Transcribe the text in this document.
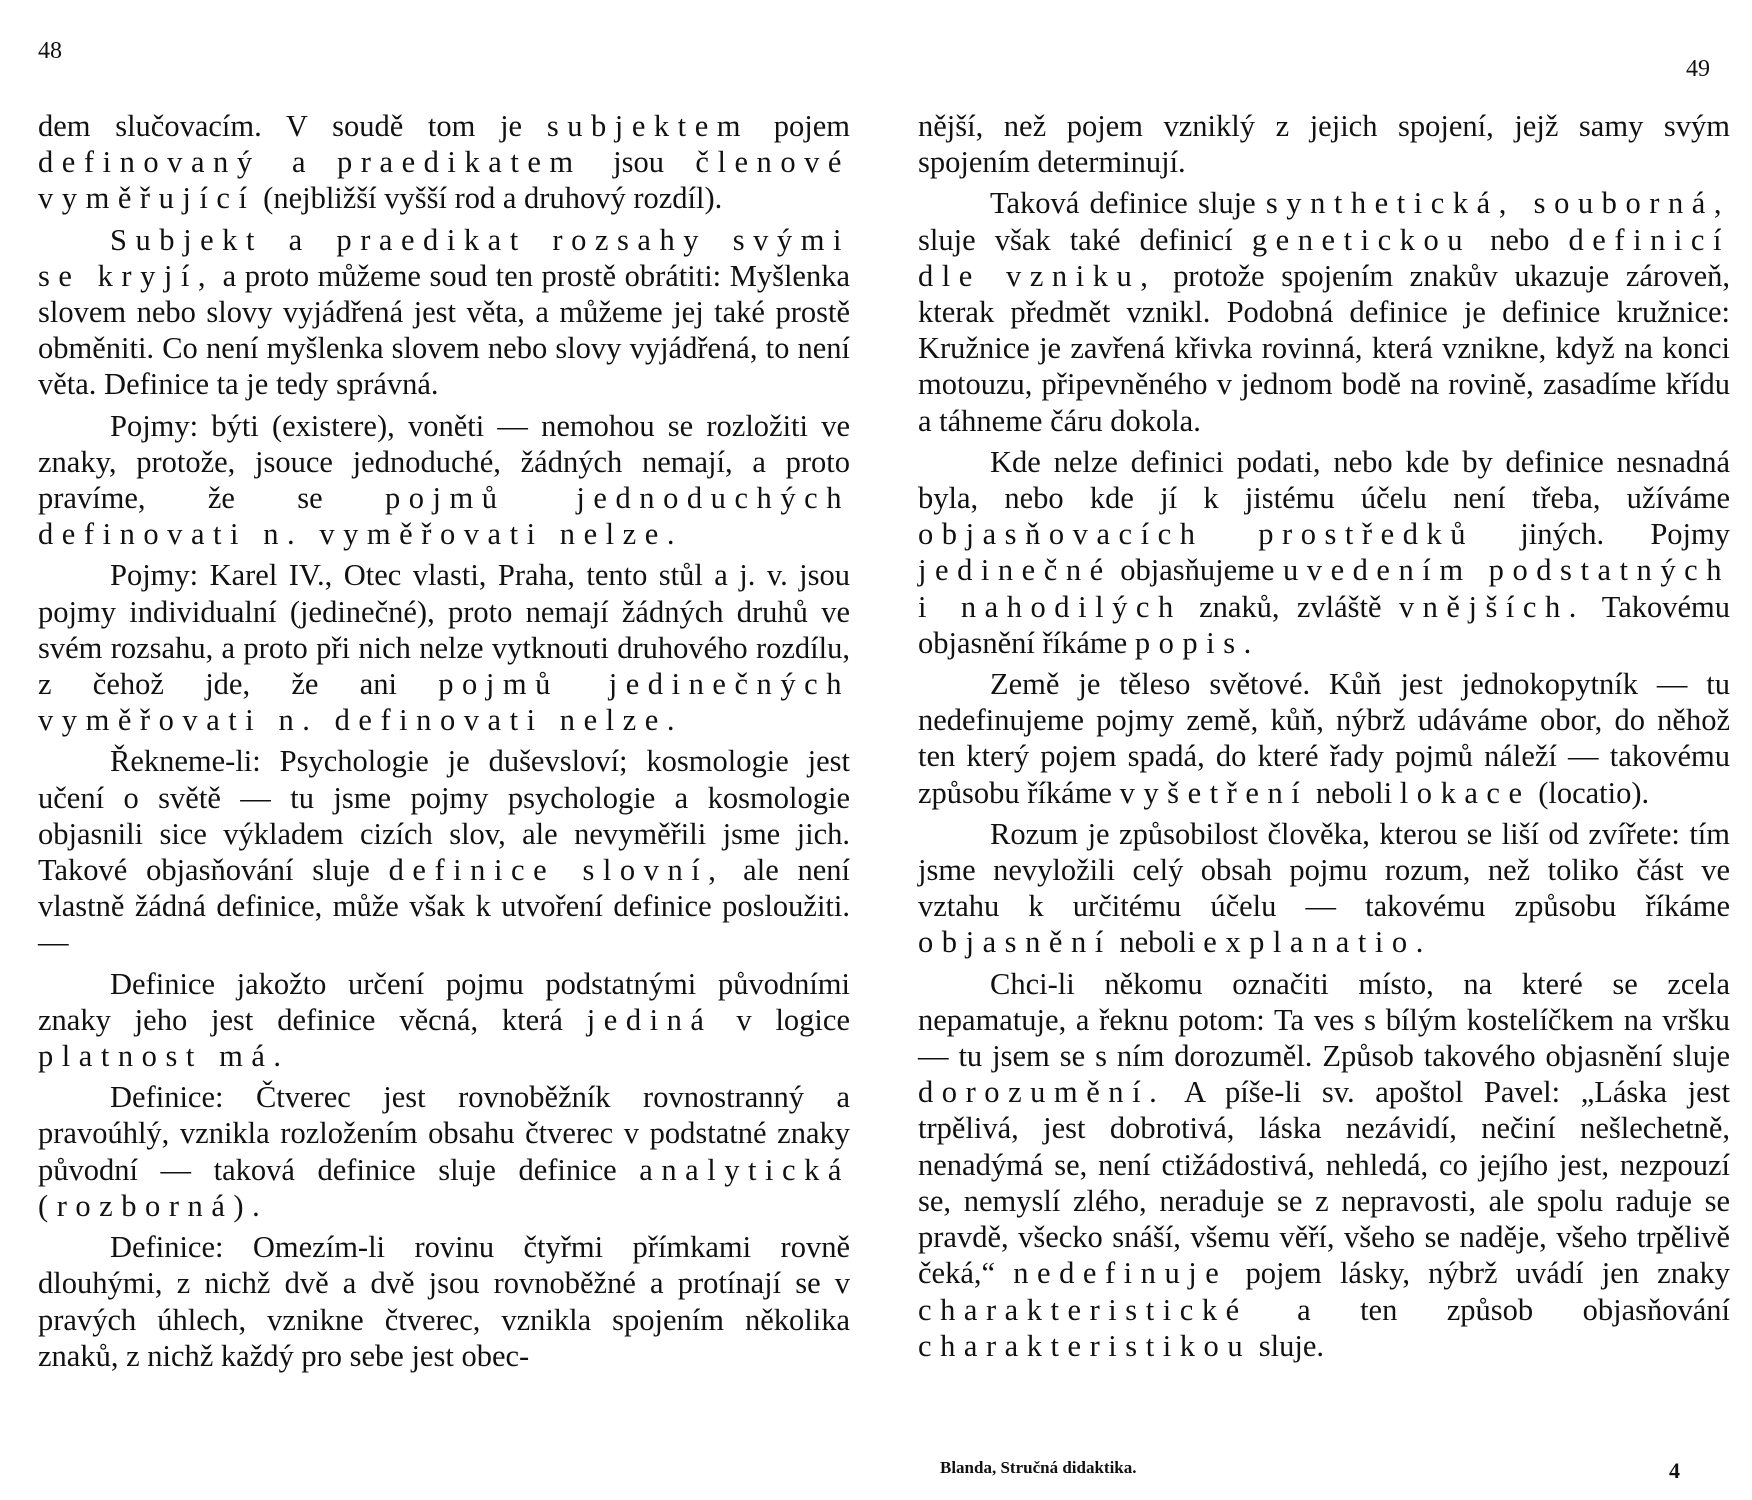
48
49

dem slučovacím. V soudě tom je subjektem pojem definovaný a praedikatem jsou členové vyměřující (nejbližší vyšší rod a druhový rozdíl).

Subjekt a praedikat rozsahy svými se kryjí, a proto můžeme soud ten prostě obrátiti: Myšlenka slovem nebo slovy vyjádřená jest věta, a můžeme jej také prostě obměniti. Co není myšlenka slovem nebo slovy vyjádřená, to není věta. Definice ta je tedy správná.

Pojmy: býti (existere), voněti — nemohou se rozložiti ve znaky, protože, jsouce jednoduché, žádných nemají, a proto pravíme, že se pojmů jednoduchých definovati n. vyměřovati nelze.

Pojmy: Karel IV., Otec vlasti, Praha, tento stůl a j. v. jsou pojmy individualní (jedinečné), proto nemají žádných druhů ve svém rozsahu, a proto při nich nelze vytknouti druhového rozdílu, z čehož jde, že ani pojmů jedinečných vyměřovati n. definovati nelze.

Řekneme-li: Psychologie je duševsloví; kosmologie jest učení o světě — tu jsme pojmy psychologie a kosmologie objasnili sice výkladem cizích slov, ale nevyměřili jsme jich. Takové objasňování sluje definice slovní, ale není vlastně žádná definice, může však k utvoření definice posloužiti. —

Definice jakožto určení pojmu podstatnými původními znaky jeho jest definice věcná, která jediná v logice platnost má.

Definice: Čtverec jest rovnoběžník rovnostranný a pravoúhlý, vznikla rozložením obsahu čtverec v podstatné znaky původní — taková definice sluje definice analytická (rozborná).

Definice: Omezím-li rovinu čtyřmi přímkami rovně dlouhými, z nichž dvě a dvě jsou rovnoběžné a protínají se v pravých úhlech, vznikne čtverec, vznikla spojením několika znaků, z nichž každý pro sebe jest obec-

nější, než pojem vzniklý z jejich spojení, jejž samy svým spojením determinují.

Taková definice sluje synthetická, souborná, sluje však také definicí genetickou nebo definicí dle vzniku, protože spojením znakův ukazuje zároveň, kterak předmět vznikl. Podobná definice je definice kružnice: Kružnice je zavřená křivka rovinná, která vznikne, když na konci motouzu, připevněného v jednom bodě na rovině, zasadíme křídu a táhneme čáru dokola.

Kde nelze definici podati, nebo kde by definice nesnadná byla, nebo kde jí k jistému účelu není třeba, užíváme objasňovacích prostředků jiných. Pojmy jedinečné objasňujeme uvedením podstatných i nahodilých znaků, zvláště vnějších. Takovému objasnění říkáme popis.

Země je těleso světové. Kůň jest jednokopytník — tu nedefinujeme pojmy země, kůň, nýbrž udáváme obor, do něhož ten který pojem spadá, do které řady pojmů náleží — takovému způsobu říkáme vyšetření neboli lokace (locatio).

Rozum je způsobilost člověka, kterou se liší od zvířete: tím jsme nevyložili celý obsah pojmu rozum, než toliko část ve vztahu k určitému účelu — takovému způsobu říkáme objasnění neboli explanatio.

Chci-li někomu označiti místo, na které se zcela nepamatuje, a řeknu potom: Ta ves s bílým kostelíčkem na vršku — tu jsem se s ním dorozuměl. Způsob takového objasnění sluje dorozumění. A píše-li sv. apoštol Pavel: „Láska jest trpělivá, jest dobrotivá, láska nezávidí, nečiní nešlechetně, nenadýmá se, není ctižádostivá, nehledá, co jejího jest, nezpouzí se, nemyslí zlého, neraduje se z nepravosti, ale spolu raduje se pravdě, všecko snáší, všemu věří, všeho se naděje, všeho trpělivě čeká,“ nedefinuje pojem lásky, nýbrž uvádí jen znaky charakteristické a ten způsob objasňování charakteristikou sluje.

Blanda, Stručná didaktika.	4
